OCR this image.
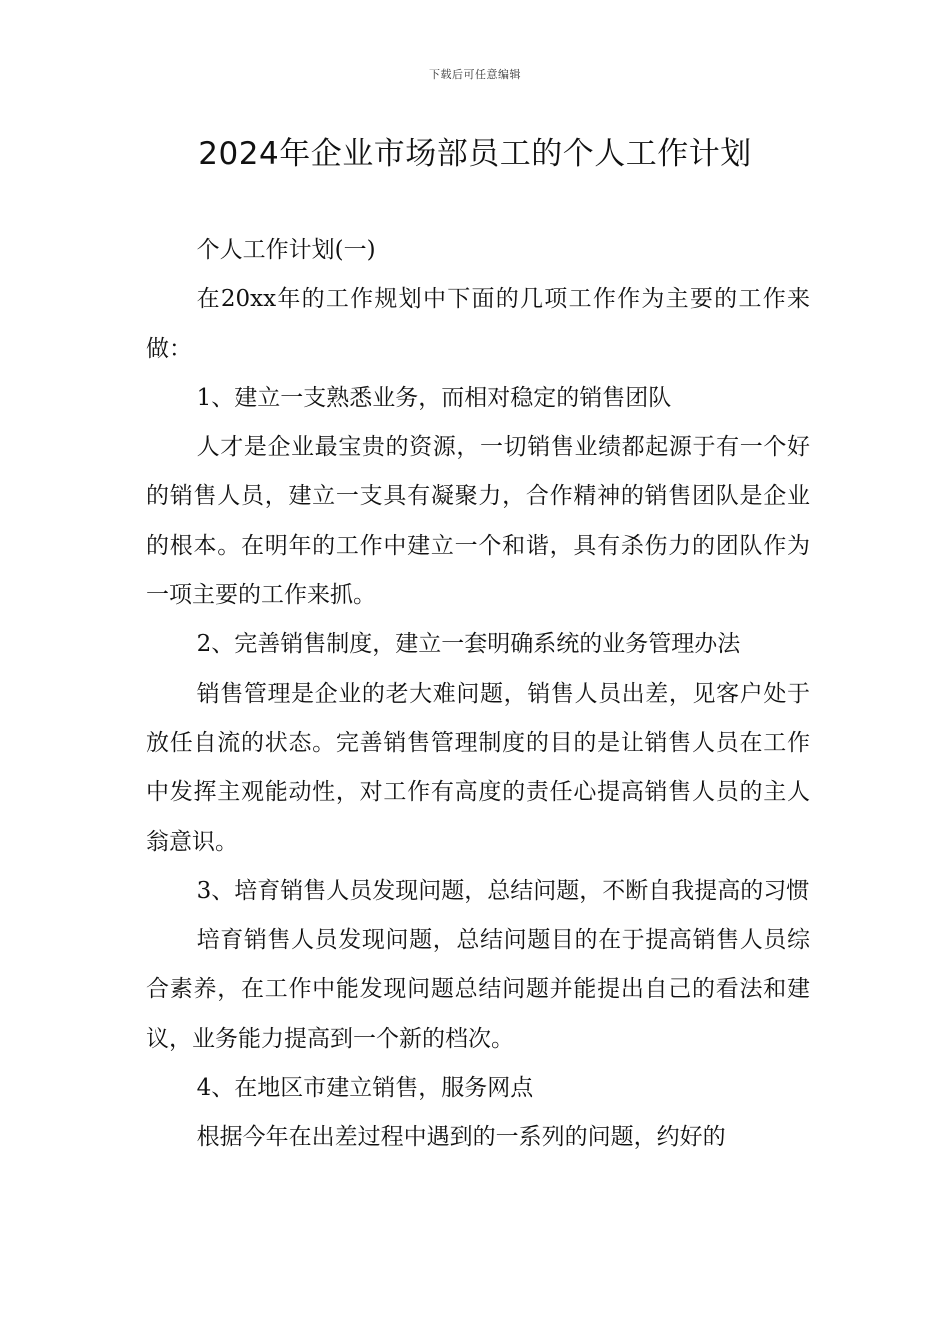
下载后可任意编辑
2024年企业市场部员工的个人工作计划

个人工作计划(一)

在20xx年的工作规划中下面的几项工作作为主要的工作来做：

1、建立一支熟悉业务，而相对稳定的销售团队

人才是企业最宝贵的资源，一切销售业绩都起源于有一个好的销售人员，建立一支具有凝聚力，合作精神的销售团队是企业的根本。在明年的工作中建立一个和谐，具有杀伤力的团队作为一项主要的工作来抓。

2、完善销售制度，建立一套明确系统的业务管理办法

销售管理是企业的老大难问题，销售人员出差，见客户处于放任自流的状态。完善销售管理制度的目的是让销售人员在工作中发挥主观能动性，对工作有高度的责任心提高销售人员的主人翁意识。

3、培育销售人员发现问题，总结问题，不断自我提高的习惯

培育销售人员发现问题，总结问题目的在于提高销售人员综合素养，在工作中能发现问题总结问题并能提出自己的看法和建议，业务能力提高到一个新的档次。

4、在地区市建立销售，服务网点

根据今年在出差过程中遇到的一系列的问题，约好的
